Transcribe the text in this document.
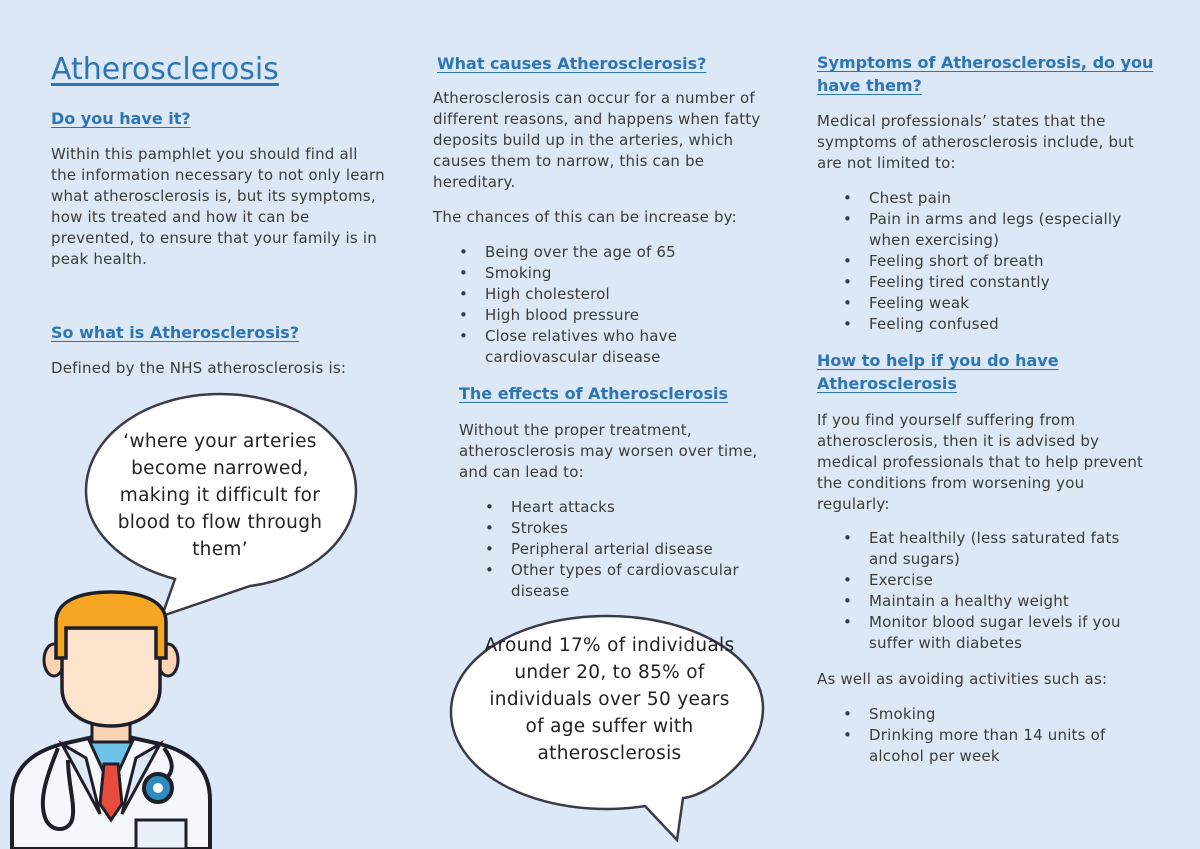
Atherosclerosis
Do you have it?

Within this pamphlet you should find all the information necessary to not only learn what atherosclerosis is, but its symptoms, how its treated and how it can be prevented, to ensure that your family is in peak health.

So what is Atherosclerosis?

Defined by the NHS atherosclerosis is:

‘where your arteries become narrowed, making it difficult for blood to flow through them’
What causes Atherosclerosis?

Atherosclerosis can occur for a number of different reasons, and happens when fatty deposits build up in the arteries, which causes them to narrow, this can be hereditary.

The chances of this can be increase by:

• Being over the age of 65
• Smoking
• High cholesterol
• High blood pressure
• Close relatives who have cardiovascular disease
The effects of Atherosclerosis

Without the proper treatment, atherosclerosis may worsen over time, and can lead to:

• Heart attacks
• Strokes
• Peripheral arterial disease
• Other types of cardiovascular disease
Around 17% of individuals under 20, to 85% of individuals over 50 years of age suffer with atherosclerosis
Symptoms of Atherosclerosis, do you have them?

Medical professionals’ states that the symptoms of atherosclerosis include, but are not limited to:

• Chest pain
• Pain in arms and legs (especially when exercising)
• Feeling short of breath
• Feeling tired constantly
• Feeling weak
• Feeling confused
How to help if you do have Atherosclerosis

If you find yourself suffering from atherosclerosis, then it is advised by medical professionals that to help prevent the conditions from worsening you regularly:

• Eat healthily (less saturated fats and sugars)
• Exercise
• Maintain a healthy weight
• Monitor blood sugar levels if you suffer with diabetes

As well as avoiding activities such as:

• Smoking
• Drinking more than 14 units of alcohol per week
